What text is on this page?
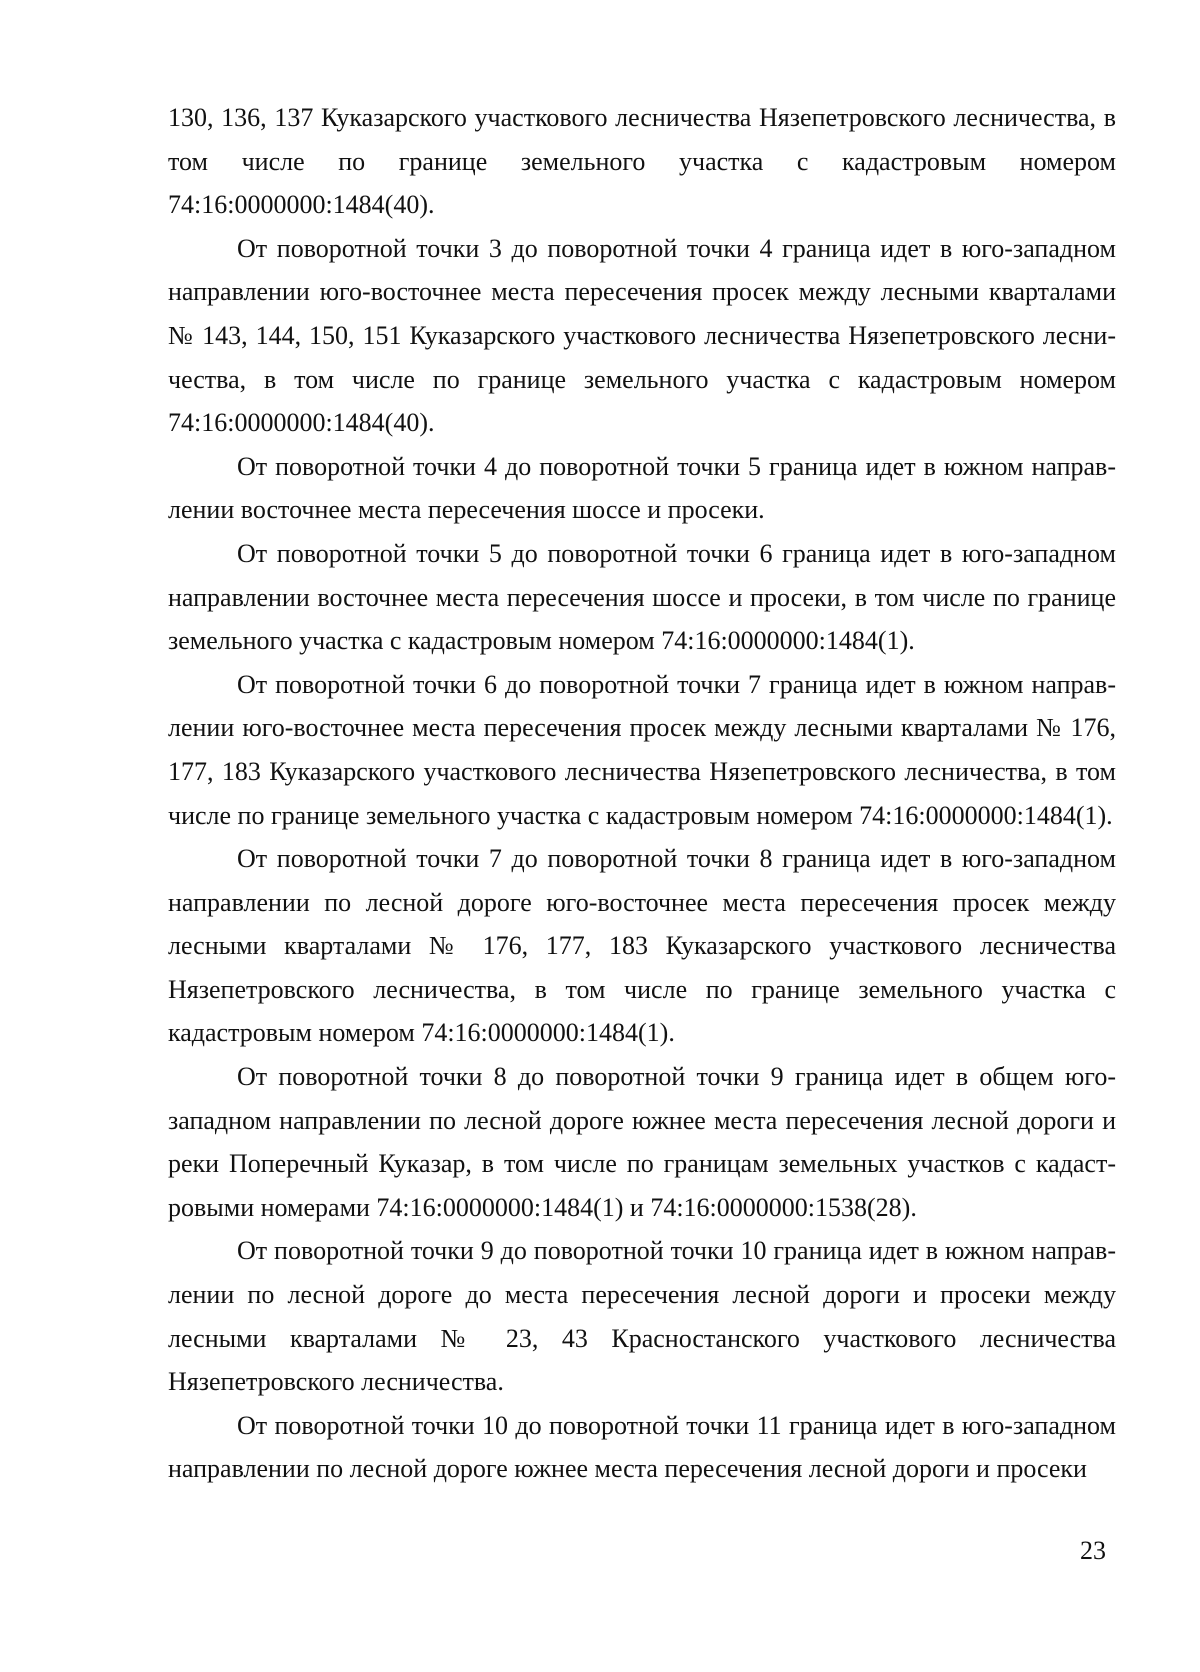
130, 136, 137 Куказарского участкового лесничества Нязепетровского лесничества, в том числе по границе земельного участка с кадастровым номером 74:16:0000000:1484(40).

От поворотной точки 3 до поворотной точки 4 граница идет в юго-западном направлении юго-восточнее места пересечения просек между лесными кварталами № 143, 144, 150, 151 Куказарского участкового лесничества Нязепетровского лесничества, в том числе по границе земельного участка с кадастровым номером 74:16:0000000:1484(40).

От поворотной точки 4 до поворотной точки 5 граница идет в южном направлении восточнее места пересечения шоссе и просеки.

От поворотной точки 5 до поворотной точки 6 граница идет в юго-западном направлении восточнее места пересечения шоссе и просеки, в том числе по границе земельного участка с кадастровым номером 74:16:0000000:1484(1).

От поворотной точки 6 до поворотной точки 7 граница идет в южном направлении юго-восточнее места пересечения просек между лесными кварталами № 176, 177, 183 Куказарского участкового лесничества Нязепетровского лесничества, в том числе по границе земельного участка с кадастровым номером 74:16:0000000:1484(1).

От поворотной точки 7 до поворотной точки 8 граница идет в юго-западном направлении по лесной дороге юго-восточнее места пересечения просек между лесными кварталами № 176, 177, 183 Куказарского участкового лесничества Нязепетровского лесничества, в том числе по границе земельного участка с кадастровым номером 74:16:0000000:1484(1).

От поворотной точки 8 до поворотной точки 9 граница идет в общем юго-западном направлении по лесной дороге южнее места пересечения лесной дороги и реки Поперечный Куказар, в том числе по границам земельных участков с кадастровыми номерами 74:16:0000000:1484(1) и 74:16:0000000:1538(28).

От поворотной точки 9 до поворотной точки 10 граница идет в южном направлении по лесной дороге до места пересечения лесной дороги и просеки между лесными кварталами № 23, 43 Красностанского участкового лесничества Нязепетровского лесничества.

От поворотной точки 10 до поворотной точки 11 граница идет в юго-западном направлении по лесной дороге южнее места пересечения лесной дороги и просеки

23
